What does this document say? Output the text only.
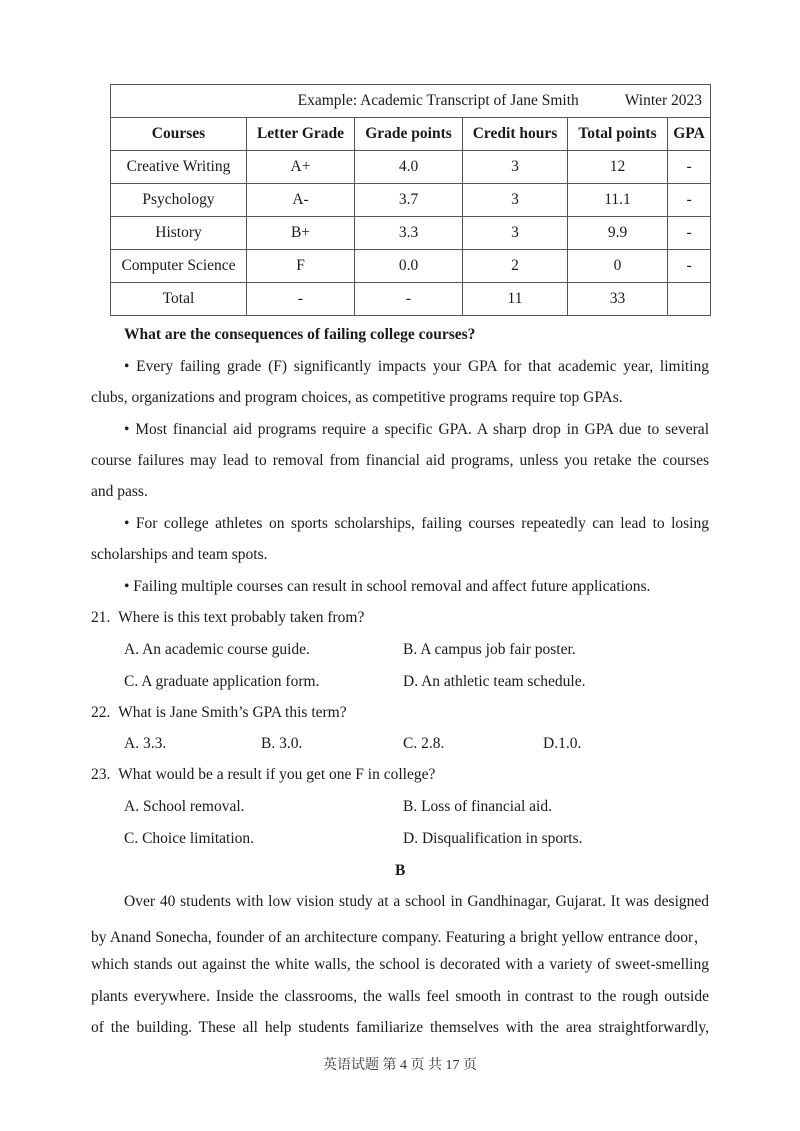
Example: Academic Transcript of Jane Smith Winter 2023					
Courses	Letter Grade	Grade points	Credit hours	Total points	GPA
Creative Writing	A+	4.0	3	12	-
Psychology	A-	3.7	3	11.1	-
History	B+	3.3	3	9.9	-
Computer Science	F	0.0	2	0	-
Total	-	-	11	33	
What are the consequences of failing college courses?
• Every failing grade (F) significantly impacts your GPA for that academic year, limiting
clubs, organizations and program choices, as competitive programs require top GPAs.
• Most financial aid programs require a specific GPA. A sharp drop in GPA due to several
course failures may lead to removal from financial aid programs, unless you retake the courses
and pass.
• For college athletes on sports scholarships, failing courses repeatedly can lead to losing
scholarships and team spots.
• Failing multiple courses can result in school removal and affect future applications.
21. Where is this text probably taken from?
A. An academic course guide.	B. A campus job fair poster.
C. A graduate application form.	D. An athletic team schedule.
22. What is Jane Smith’s GPA this term?
A. 3.3.	B. 3.0.	C. 2.8.	D.1.0.
23. What would be a result if you get one F in college?
A. School removal.	B. Loss of financial aid.
C. Choice limitation.	D. Disqualification in sports.
B
Over 40 students with low vision study at a school in Gandhinagar, Gujarat. It was designed
by Anand Sonecha, founder of an architecture company. Featuring a bright yellow entrance door，
which stands out against the white walls, the school is decorated with a variety of sweet-smelling
plants everywhere. Inside the classrooms, the walls feel smooth in contrast to the rough outside
of the building. These all help students familiarize themselves with the area straightforwardly,
英语试题 第 4 页 共 17 页
